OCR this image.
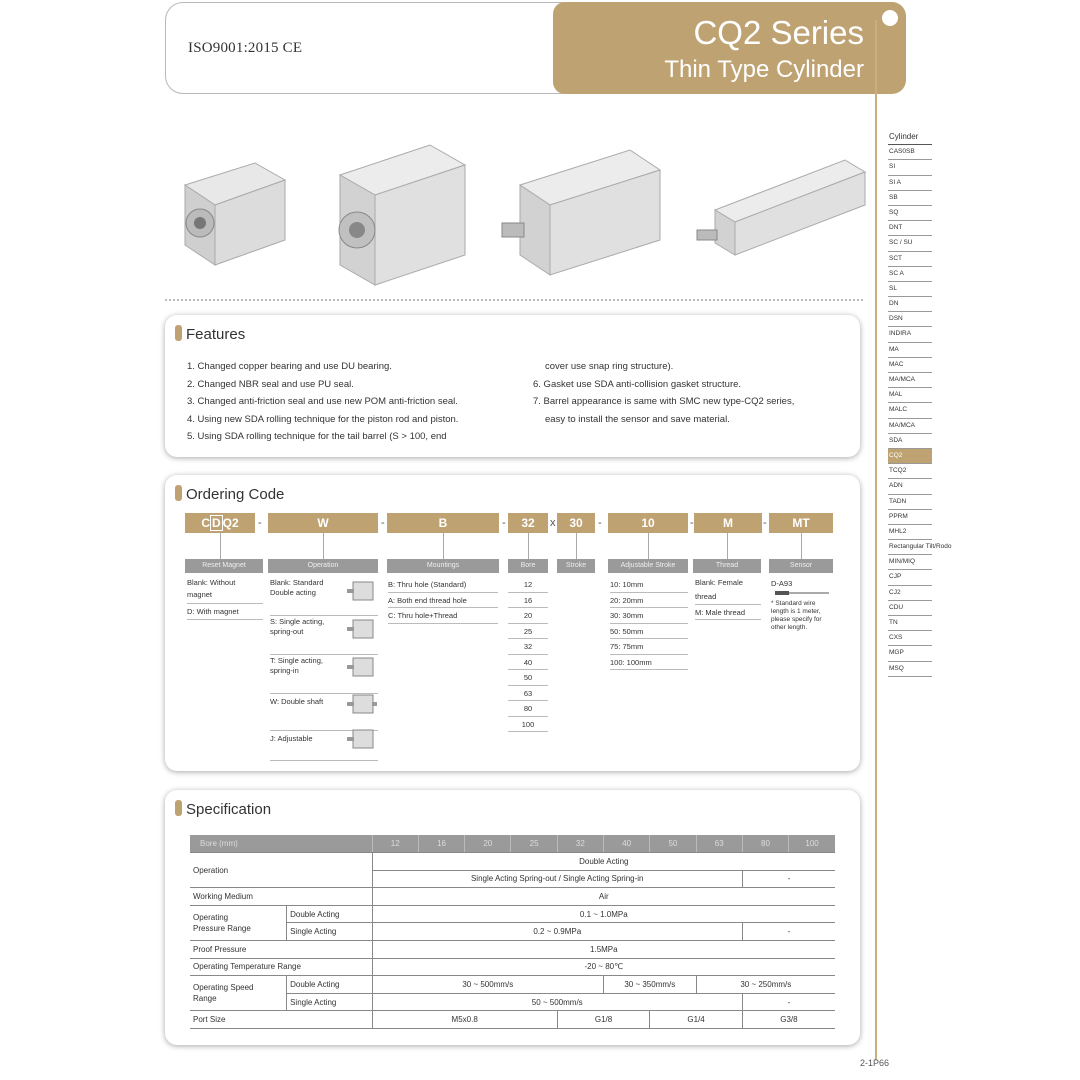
ISO9001:2015 CE	CQ2 Series
Thin Type Cylinder
Cylinder
CAS0SB
SI
SI A
SB
SQ
DNT
SC / SU
SCT
SC A
SL
DN
DSN
INDIRA
MA
MAC
MA/MCA
MAL
MALC
MA/MCA
SDA
CQ2
TCQ2
ADN
TADN
PPRM
MHL2
Rectangular Tilt/Rodo
MIN/MIQ
CJP
CJ2
CDU
TN
CXS
MGP
MSQ
Features
1. Changed copper bearing and use DU bearing.
2. Changed NBR seal and use PU seal.
3. Changed anti-friction seal and use new POM anti-friction seal.
4. Using new SDA rolling technique for the piston rod and piston.
5. Using SDA rolling technique for the tail barrel (S > 100, end
cover use snap ring structure).
6. Gasket use SDA anti-collision gasket structure.
7. Barrel appearance is same with SMC new type-CQ2 series,
easy to install the sensor and save material.
Ordering Code
C D Q2	-	W	-	B	-	32	x	30	-	10	-	M	-	MT
Reset Magnet	Operation	Mountings	Bore	Stroke	Adjustable Stroke	Thread	Sensor
Blank: Without
magnet
D: With magnet
Blank: Standard
Double acting
S: Single acting,
spring-out
T: Single acting,
spring-in
W: Double shaft
J: Adjustable
B: Thru hole (Standard)
A: Both end thread hole
C: Thru hole+Thread
12
16
20
25
32
40
50
63
80
100
10: 10mm
20: 20mm
30: 30mm
50: 50mm
75: 75mm
100: 100mm
Blank: Female
thread
M: Male thread
D-A93
* Standard wire
length is 1 meter,
please specify for
other length.
Specification
Bore (mm)		12	16	20	25	32	40	50	63	80	100
Operation		Double Acting									
		Single Acting Spring-out / Single Acting Spring-in								-	
Working Medium		Air									
Operating
Pressure Range	Double Acting	0.1 ~ 1.0MPa									
	Single Acting	0.2 ~ 0.9MPa								-	
Proof Pressure		1.5MPa									
Operating Temperature Range		-20 ~ 80℃									
Operating Speed
Range	Double Acting	30 ~ 500mm/s					30 ~ 350mm/s		30 ~ 250mm/s		
	Single Acting	50 ~ 500mm/s								-	
Port Size		M5x0.8				G1/8		G1/4		G3/8	
2-1P66
